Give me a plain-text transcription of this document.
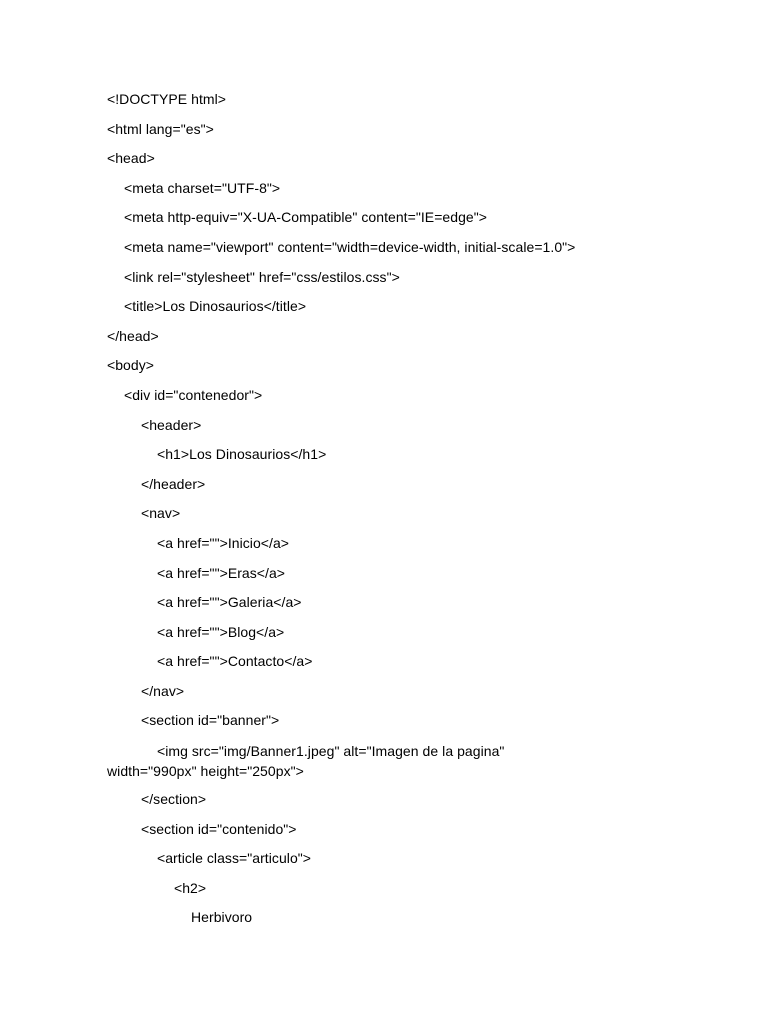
<!DOCTYPE html>
<html lang="es">
<head>
<meta charset="UTF-8">
<meta http-equiv="X-UA-Compatible" content="IE=edge">
<meta name="viewport" content="width=device-width, initial-scale=1.0">
<link rel="stylesheet" href="css/estilos.css">
<title>Los Dinosaurios</title>
</head>
<body>
<div id="contenedor">
<header>
<h1>Los Dinosaurios</h1>
</header>
<nav>
<a href="">Inicio</a>
<a href="">Eras</a>
<a href="">Galeria</a>
<a href="">Blog</a>
<a href="">Contacto</a>
</nav>
<section id="banner">
<img src="img/Banner1.jpeg" alt="Imagen de la pagina"
width="990px" height="250px">
</section>
<section id="contenido">
<article class="articulo">
<h2>
Herbivoro
